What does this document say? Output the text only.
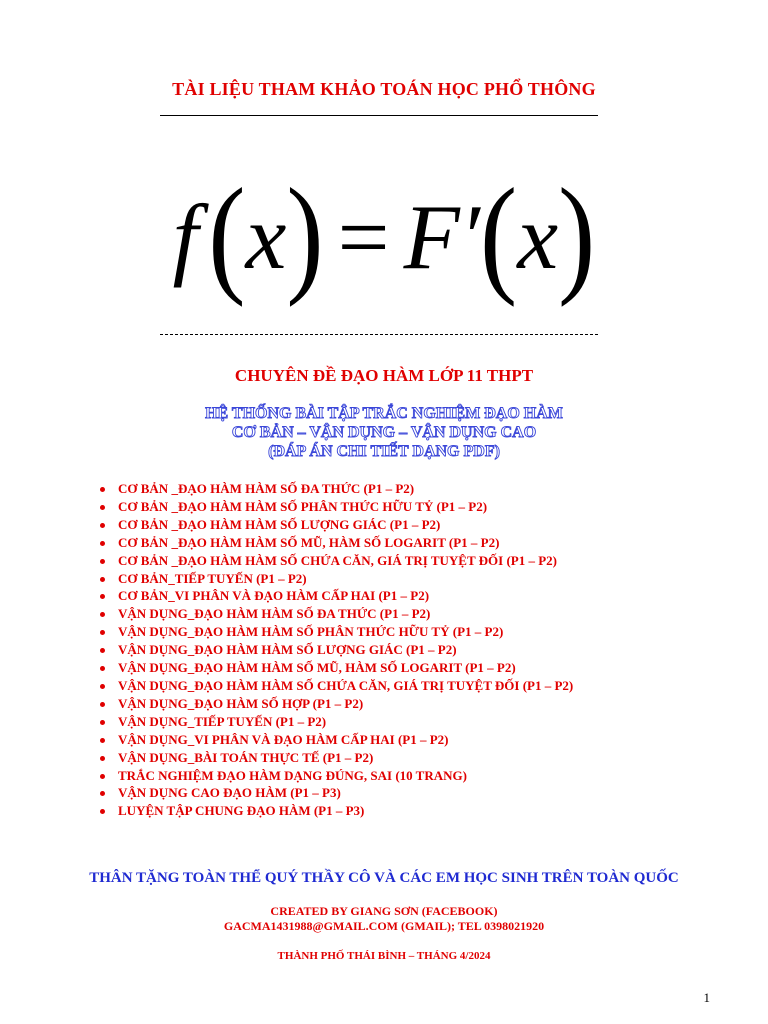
TÀI LIỆU THAM KHẢO TOÁN HỌC PHỔ THÔNG
f(x) = F′(x)
CHUYÊN ĐỀ ĐẠO HÀM LỚP 11 THPT
HỆ THỐNG BÀI TẬP TRẮC NGHIỆM ĐẠO HÀM
CƠ BẢN – VẬN DỤNG – VẬN DỤNG CAO
(ĐÁP ÁN CHI TIẾT DẠNG PDF)
CƠ BẢN _ĐẠO HÀM HÀM SỐ ĐA THỨC (P1 – P2)
CƠ BẢN _ĐẠO HÀM HÀM SỐ PHÂN THỨC HỮU TỶ (P1 – P2)
CƠ BẢN _ĐẠO HÀM HÀM SỐ LƯỢNG GIÁC (P1 – P2)
CƠ BẢN _ĐẠO HÀM HÀM SỐ MŨ, HÀM SỐ LOGARIT (P1 – P2)
CƠ BẢN _ĐẠO HÀM HÀM SỐ CHỨA CĂN, GIÁ TRỊ TUYỆT ĐỐI (P1 – P2)
CƠ BẢN_TIẾP TUYẾN (P1 – P2)
CƠ BẢN_VI PHÂN VÀ ĐẠO HÀM CẤP HAI (P1 – P2)
VẬN DỤNG_ĐẠO HÀM HÀM SỐ ĐA THỨC (P1 – P2)
VẬN DỤNG_ĐẠO HÀM HÀM SỐ PHÂN THỨC HỮU TỶ (P1 – P2)
VẬN DỤNG_ĐẠO HÀM HÀM SỐ LƯỢNG GIÁC (P1 – P2)
VẬN DỤNG_ĐẠO HÀM HÀM SỐ MŨ, HÀM SỐ LOGARIT (P1 – P2)
VẬN DỤNG_ĐẠO HÀM HÀM SỐ CHỨA CĂN, GIÁ TRỊ TUYỆT ĐỐI (P1 – P2)
VẬN DỤNG_ĐẠO HÀM SỐ HỢP (P1 – P2)
VẬN DỤNG_TIẾP TUYẾN (P1 – P2)
VẬN DỤNG_VI PHÂN VÀ ĐẠO HÀM CẤP HAI (P1 – P2)
VẬN DỤNG_BÀI TOÁN THỰC TẾ (P1 – P2)
TRẮC NGHIỆM ĐẠO HÀM DẠNG ĐÚNG, SAI (10 TRANG)
VẬN DỤNG CAO ĐẠO HÀM (P1 – P3)
LUYỆN TẬP CHUNG ĐẠO HÀM (P1 – P3)
THÂN TẶNG TOÀN THỂ QUÝ THẦY CÔ VÀ CÁC EM HỌC SINH TRÊN TOÀN QUỐC
CREATED BY GIANG SƠN (FACEBOOK)
GACMA1431988@GMAIL.COM (GMAIL); TEL 0398021920
THÀNH PHỐ THÁI BÌNH – THÁNG 4/2024
1
